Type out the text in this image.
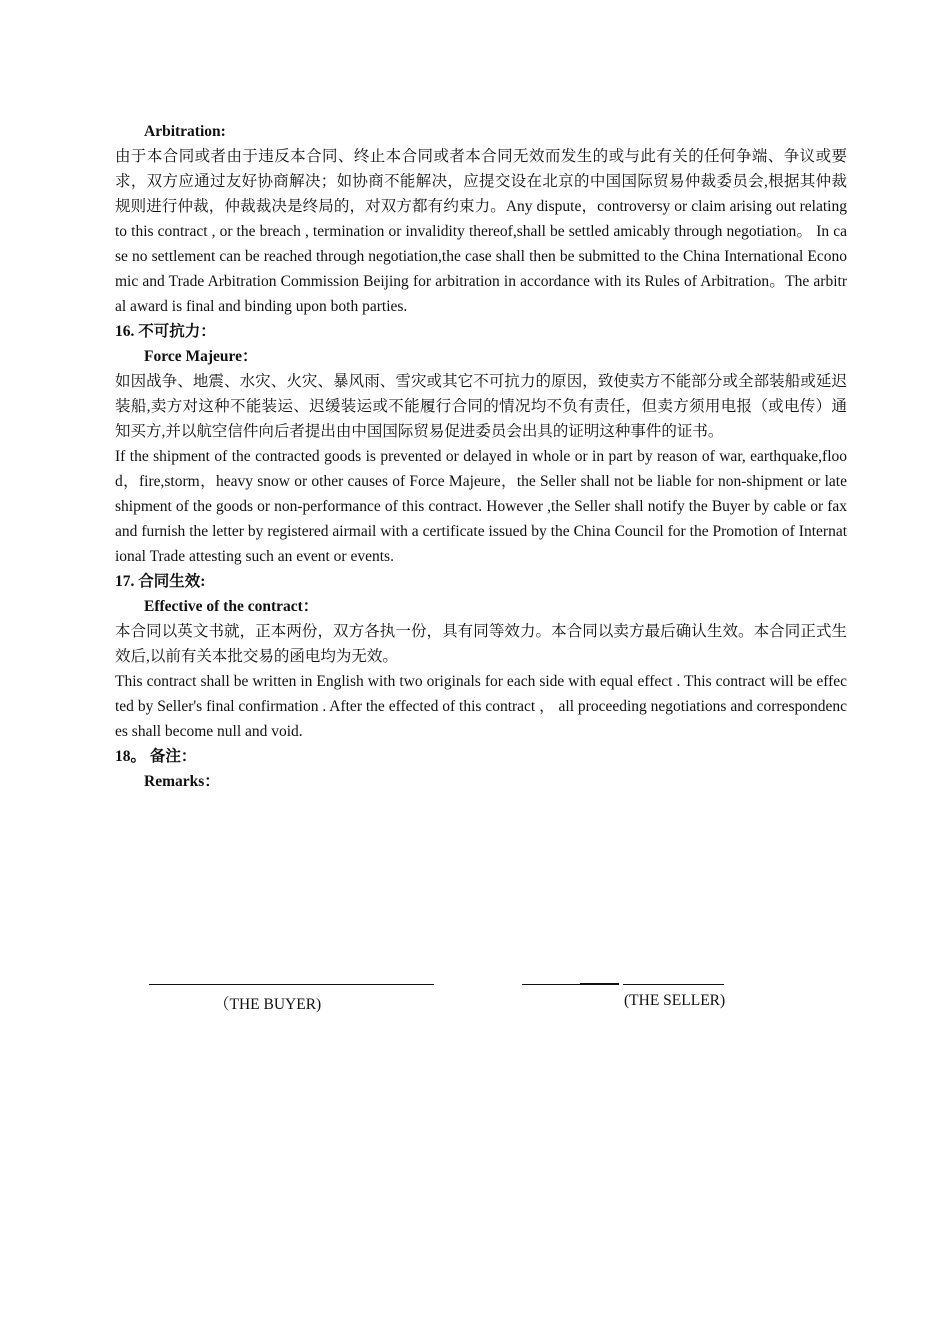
Arbitration:
由于本合同或者由于违反本合同、终止本合同或者本合同无效而发生的或与此有关的任何争端、争议或要求，双方应通过友好协商解决；如协商不能解决，应提交设在北京的中国国际贸易仲裁委员会,根据其仲裁规则进行仲裁，仲裁裁决是终局的，对双方都有约束力。Any dispute，controversy or claim arising out relating to this contract , or the breach , termination or invalidity thereof,shall be settled amicably through negotiation。 In case no settlement can be reached through negotiation,the case shall then be submitted to the China International Economic and Trade Arbitration Commission Beijing for arbitration in accordance with its Rules of Arbitration。The arbitral award is final and binding upon both parties.
16. 不可抗力：
Force Majeure：
如因战争、地震、水灾、火灾、暴风雨、雪灾或其它不可抗力的原因，致使卖方不能部分或全部装船或延迟装船,卖方对这种不能装运、迟缓装运或不能履行合同的情况均不负有责任，但卖方须用电报（或电传）通知买方,并以航空信件向后者提出由中国国际贸易促进委员会出具的证明这种事件的证书。
If the shipment of the contracted goods is prevented or delayed in whole or in part by reason of war, earthquake,flood，fire,storm，heavy snow or other causes of Force Majeure，the Seller shall not be liable for non-shipment or late shipment of the goods or non-performance of this contract. However ,the Seller shall notify the Buyer by cable or fax and furnish the letter by registered airmail with a certificate issued by the China Council for the Promotion of International Trade attesting such an event or events.
17. 合同生效:
Effective of the contract：
本合同以英文书就，正本两份，双方各执一份，具有同等效力。本合同以卖方最后确认生效。本合同正式生效后,以前有关本批交易的函电均为无效。
This contract shall be written in English with two originals for each side with equal effect . This contract will be effected by Seller's final confirmation . After the effected of this contract ， all proceeding negotiations and correspondences shall become null and void.
18。 备注：
Remarks：
（THE BUYER)	(THE SELLER)
